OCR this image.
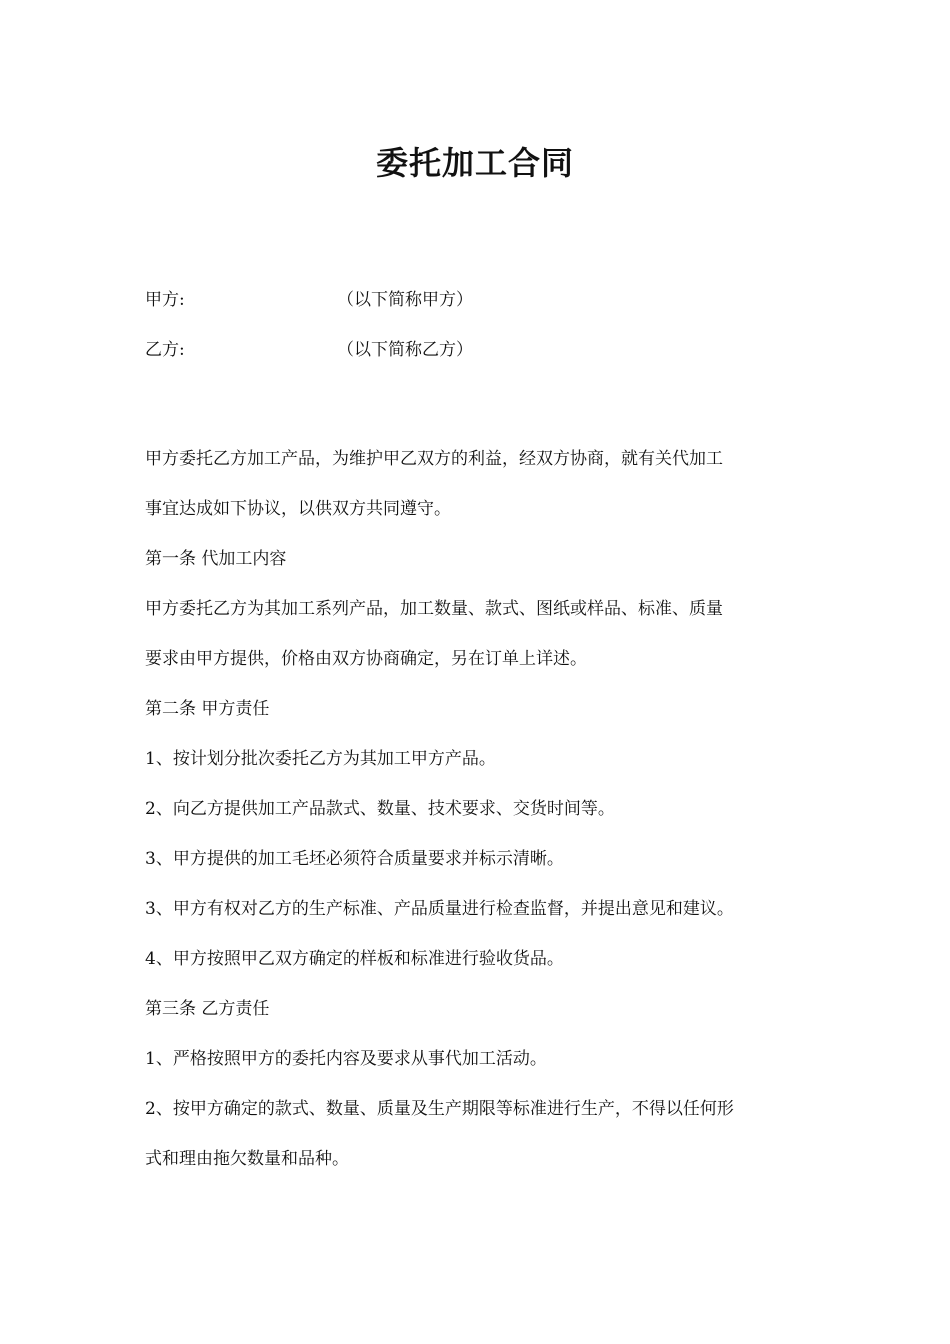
委托加工合同
甲方:	（以下简称甲方）
乙方:	（以下简称乙方）

甲方委托乙方加工产品，为维护甲乙双方的利益，经双方协商，就有关代加工

事宜达成如下协议，以供双方共同遵守。

第一条 代加工内容

甲方委托乙方为其加工系列产品，加工数量、款式、图纸或样品、标准、质量

要求由甲方提供，价格由双方协商确定，另在订单上详述。

第二条 甲方责任

1、按计划分批次委托乙方为其加工甲方产品。

2、向乙方提供加工产品款式、数量、技术要求、交货时间等。

3、甲方提供的加工毛坯必须符合质量要求并标示清晰。

3、甲方有权对乙方的生产标准、产品质量进行检查监督，并提出意见和建议。

4、甲方按照甲乙双方确定的样板和标准进行验收货品。

第三条 乙方责任

1、严格按照甲方的委托内容及要求从事代加工活动。

2、按甲方确定的款式、数量、质量及生产期限等标准进行生产，不得以任何形

式和理由拖欠数量和品种。
